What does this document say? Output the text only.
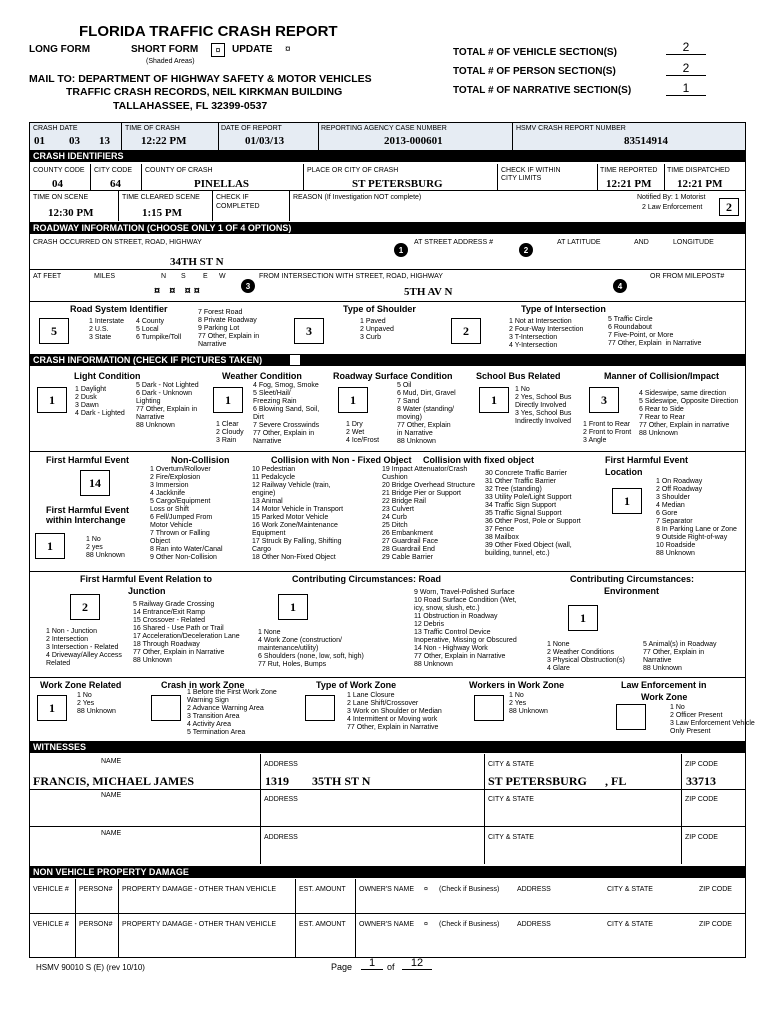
FLORIDA TRAFFIC CRASH REPORT
LONG FORM	SHORT FORM	¤	UPDATE ¤
(Shaded Areas)
MAIL TO: DEPARTMENT OF HIGHWAY SAFETY & MOTOR VEHICLES
TRAFFIC CRASH RECORDS, NEIL KIRKMAN BUILDING
TALLAHASSEE, FL 32399-0537
TOTAL # OF VEHICLE SECTION(S)	2
TOTAL # OF PERSON SECTION(S)	2
TOTAL # OF NARRATIVE SECTION(S)	1
CRASH DATE
01 03 13
TIME OF CRASH
12:22 PM
DATE OF REPORT
01/03/13
REPORTING AGENCY CASE NUMBER
2013-000601
HSMV CRASH REPORT NUMBER
83514914
CRASH IDENTIFIERS
COUNTY CODE
04
CITY CODE
64
COUNTY OF CRASH
PINELLAS
PLACE OR CITY OF CRASH
ST PETERSBURG
CHECK IF WITHIN
CITY LIMITS
TIME REPORTED
12:21 PM
TIME DISPATCHED
12:21 PM
TIME ON SCENE
12:30 PM
TIME CLEARED SCENE
1:15 PM
CHECK IF
COMPLETED
REASON (If Investigation NOT complete)	Notified By: 1 Motorist
2 Law Enforcement	2
ROADWAY INFORMATION (CHOOSE ONLY 1 OF 4 OPTIONS)
CRASH OCCURRED ON STREET, ROAD, HIGHWAY	AT STREET ADDRESS #	AT LATITUDE	AND	LONGITUDE
1	2
34TH ST N
AT FEET	MILES	N S E W
¤   ¤   ¤ ¤	3
FROM INTERSECTION WITH STREET, ROAD, HIGHWAY	OR FROM MILEPOST#
4
5TH AV N
Road System Identifier
5
1 Interstate
2 U.S.
3 State
4 County
5 Local
6 Turnpike/Toll
7 Forest Road
8 Private Roadway
9 Parking Lot
77 Other, Explain in
Narrative
Type of Shoulder
3
1 Paved
2 Unpaved
3 Curb
Type of Intersection
2
1 Not at Intersection
2 Four-Way Intersection
3 T-Intersection
4 Y-Intersection
5 Traffic Circle
6 Roundabout
7 Five-Point, or More
77 Other, Explain  in Narrative
CRASH INFORMATION (CHECK IF PICTURES TAKEN)
Light Condition
1
1 Daylight
2 Dusk
3 Dawn
4 Dark - Lighted
5 Dark - Not Lighted
6 Dark - Unknown
Lighting
77 Other, Explain in
Narrative
88 Unknown
Weather Condition
1
1 Clear
2 Cloudy
3 Rain
4 Fog, Smog, Smoke
5 Sleet/Hail/
Freezing Rain
6 Blowing Sand, Soil,
Dirt
7 Severe Crosswinds
77 Other, Explain in
Narrative
Roadway Surface Condition
1
1 Dry
2 Wet
4 Ice/Frost
5 Oil
6 Mud, Dirt, Gravel
7 Sand
8 Water (standing/
moving)
77 Other, Explain
in Narrative
88 Unknown
School Bus Related
1
1 No
2 Yes, School Bus
Directly Involved
3 Yes, School Bus
Indirectly Involved
Manner of Collision/Impact
3
1 Front to Rear
2 Front to Front
3 Angle
4 Sideswipe, same direction
5 Sideswipe, Opposite Direction
6 Rear to Side
7 Rear to Rear
77 Other, Explain in narrative
88 Unknown
First Harmful Event
14
First Harmful Event
within Interchange
1	1 No
2 yes
88 Unknown
Non-Collision
1 Overturn/Rollover
2 Fire/Explosion
3 Immersion
4 Jackknife
5 Cargo/Equipment
Loss or Shift
6 Fell/Jumped From
Motor Vehicle
7 Thrown or Falling
Object
8 Ran into Water/Canal
9 Other Non-Collision
Collision with Non - Fixed Object
10 Pedestrian
11 Pedalcycle
12 Railway Vehicle (train,
engine)
13 Animal
14 Motor Vehicle in Transport
15 Parked Motor Vehicle
16 Work Zone/Maintenance
Equipment
17 Struck By Falling, Shifting
Cargo
18 Other Non-Fixed Object
Collision with fixed object
19 Impact Attenuator/Crash
Cushion
20 Bridge Overhead Structure
21 Bridge Pier or Support
22 Bridge Rail
23 Culvert
24 Curb
25 Ditch
26 Embankment
27 Guardrail Face
28 Guardrail End
29 Cable Barrier
30 Concrete Traffic Barrier
31 Other Traffic Barrier
32 Tree (standing)
33 Utility Pole/Light Support
34 Traffic Sign Support
35 Traffic Signal Support
36 Other Post, Pole or Support
37 Fence
38 Mailbox
39 Other Fixed Object (wall,
building, tunnel, etc.)
First Harmful Event
Location
1
1 On Roadway
2 Off Roadway
3 Shoulder
4 Median
6 Gore
7 Separator
8 In Parking Lane or Zone
9 Outside Right-of-way
10 Roadside
88 Unknown
First Harmful Event Relation to
Junction
2
1 Non - Junction
2 Intersection
3 Intersection - Related
4 Driveway/Alley Access
Related
5 Railway Grade Crossing
14 Entrance/Exit Ramp
15 Crossover - Related
16 Shared - Use Path or Trail
17 Acceleration/Deceleration Lane
18 Through Roadway
77 Other, Explain in Narrative
88 Unknown
Contributing Circumstances: Road
1
1 None
4 Work Zone (construction/
maintenance/utility)
6 Shoulders (none, low, soft, high)
77 Rut, Holes, Bumps
9 Worn, Travel-Polished Surface
10 Road Surface Condition (Wet,
icy, snow, slush, etc.)
11 Obstruction in Roadway
12 Debris
13 Traffic Control Device
Inoperative, Missing or Obscured
14 Non - Highway Work
77 Other, Explain in Narrative
88 Unknown
Contributing Circumstances:
Environment
1
1 None
2 Weather Conditions
3 Physical Obstruction(s)
4 Glare
5 Animal(s) in Roadway
77 Other, Explain in
Narrative
88 Unknown
Work Zone Related
1
1 No
2 Yes
88 Unknown
Crash in work Zone
1 Before the First Work Zone
Warning Sign
2 Advance Warning Area
3 Transition Area
4 Activity Area
5 Termination Area
Type of Work Zone
1 Lane Closure
2 Lane Shift/Crossover
3 Work on Shoulder or Median
4 Intermittent or Moving work
77 Other, Explain in Narrative
Workers in Work Zone
1 No
2 Yes
88 Unknown
Law Enforcement in
Work Zone
1 No
2 Officer Present
3 Law Enforcement Vehicle
Only Present
WITNESSES
NAME	ADDRESS	CITY & STATE	ZIP CODE
FRANCIS, MICHAEL JAMES	1319 35TH ST N	ST PETERSBURG , FL	33713
NAME
ADDRESS	CITY & STATE	ZIP CODE
NAME
ADDRESS	CITY & STATE	ZIP CODE
NON VEHICLE PROPERTY DAMAGE
VEHICLE # PERSON# PROPERTY DAMAGE - OTHER THAN VEHICLE	EST. AMOUNT OWNER'S NAME ¤ (Check if Business)	ADDRESS	CITY & STATE	ZIP CODE
VEHICLE # PERSON# PROPERTY DAMAGE - OTHER THAN VEHICLE	EST. AMOUNT OWNER'S NAME ¤ (Check if Business)	ADDRESS	CITY & STATE	ZIP CODE
HSMV 90010 S (E) (rev 10/10)	Page	1	of	12
